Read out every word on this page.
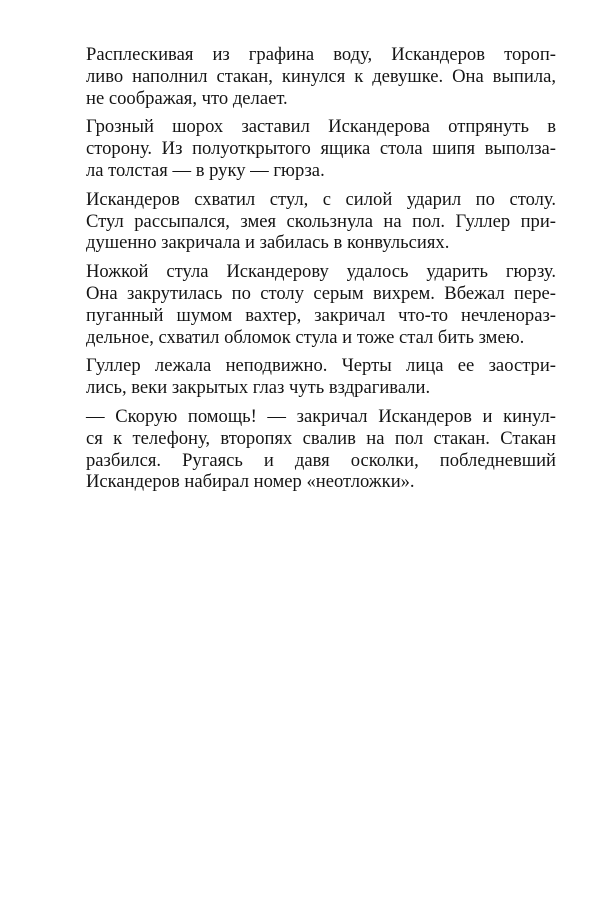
Расплескивая из графина воду, Искандеров тороп-
ливо наполнил стакан, кинулся к девушке. Она выпила,
не соображая, что делает.

Грозный шорох заставил Искандерова отпрянуть в
сторону. Из полуоткрытого ящика стола шипя выполза-
ла толстая — в руку — гюрза.

Искандеров схватил стул, с силой ударил по столу.
Стул рассыпался, змея скользнула на пол. Гуллер при-
душенно закричала и забилась в конвульсиях.

Ножкой стула Искандерову удалось ударить гюрзу.
Она закрутилась по столу серым вихрем. Вбежал пере-
пуганный шумом вахтер, закричал что-то нечленораз-
дельное, схватил обломок стула и тоже стал бить змею.

Гуллер лежала неподвижно. Черты лица ее заостри-
лись, веки закрытых глаз чуть вздрагивали.

— Скорую помощь! — закричал Искандеров и кинул-
ся к телефону, второпях свалив на пол стакан. Стакан
разбился. Ругаясь и давя осколки, побледневший
Искандеров набирал номер «неотложки».
